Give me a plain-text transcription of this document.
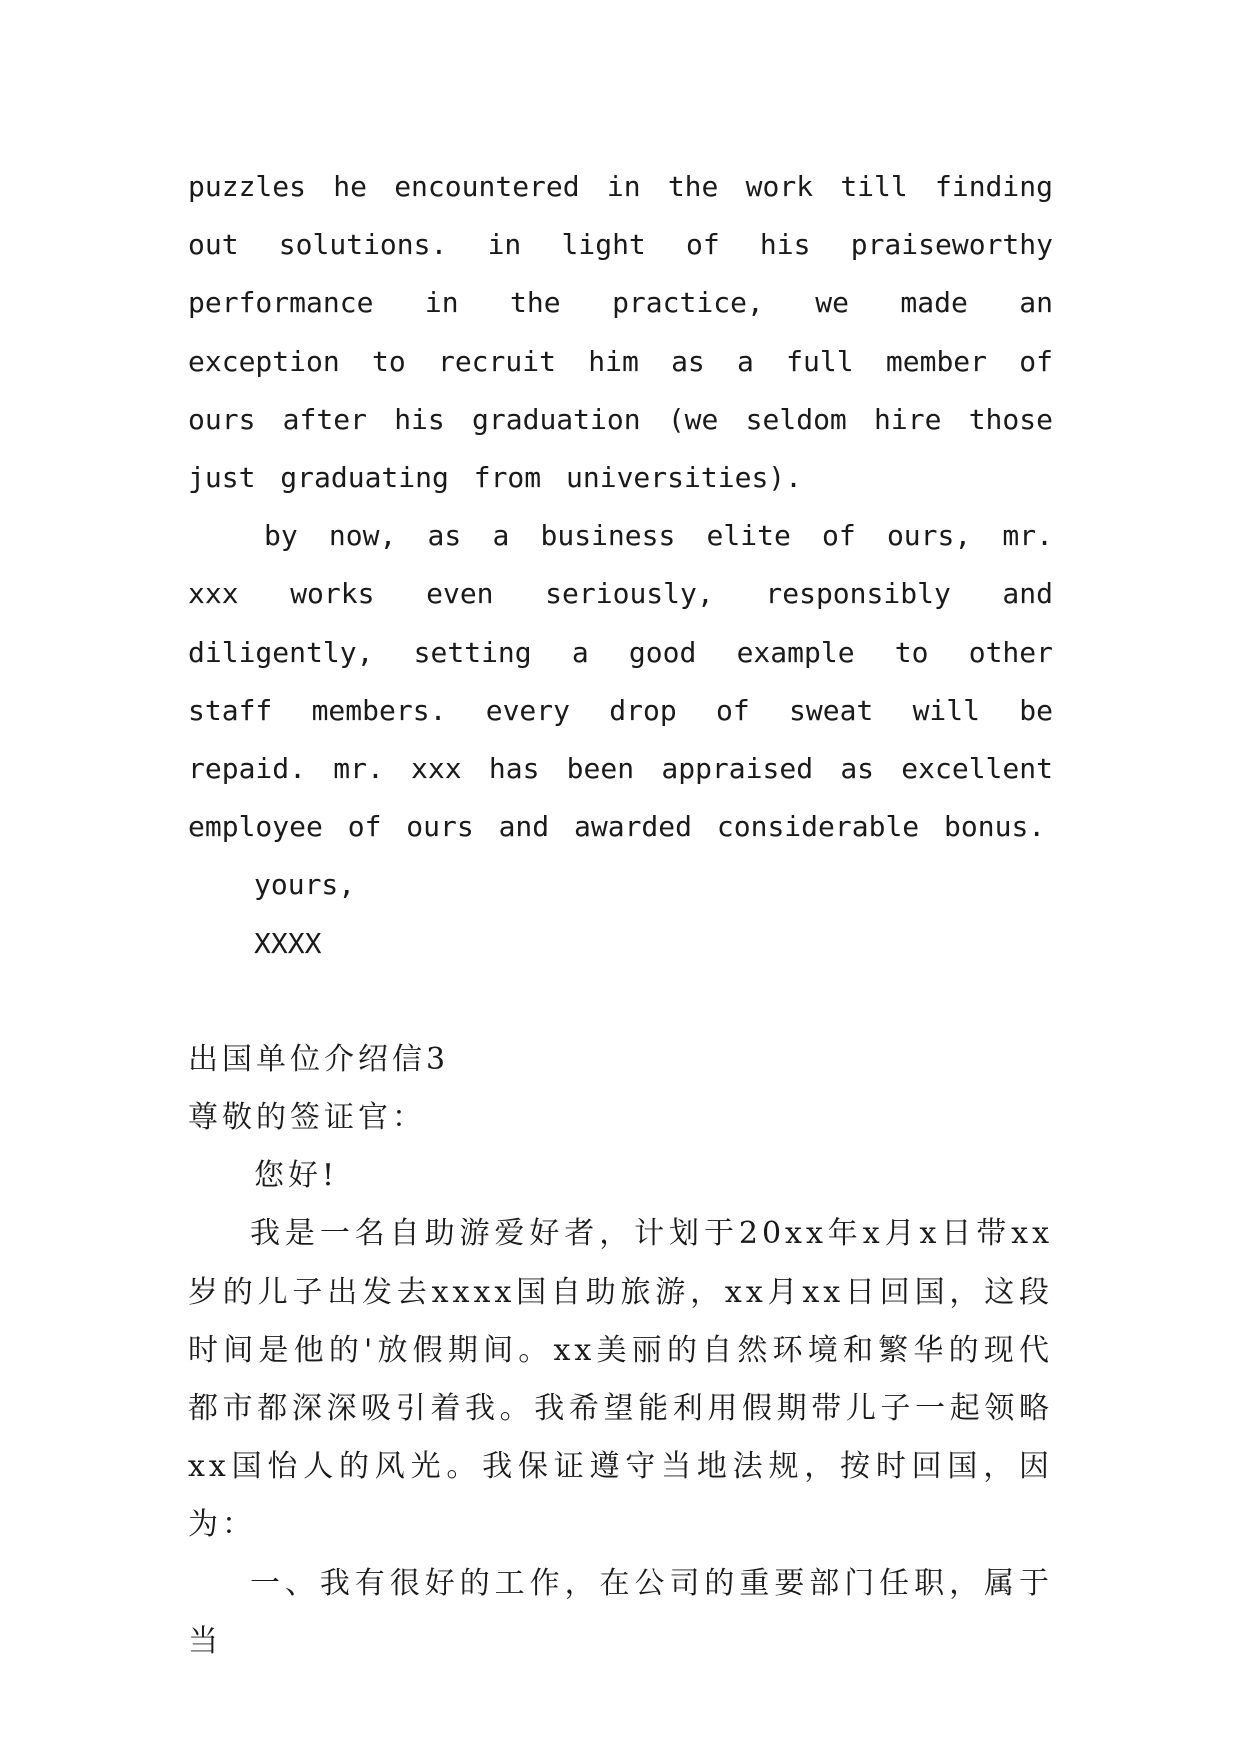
puzzles he encountered in the work till finding out solutions. in light of his praiseworthy performance in the practice, we made an exception to recruit him as a full member of ours after his graduation (we seldom hire those just graduating from universities).

by now, as a business elite of ours, mr. xxx works even seriously, responsibly and diligently, setting a good example to other staff members. every drop of sweat will be repaid. mr. xxx has been appraised as excellent employee of ours and awarded considerable bonus.

yours,

XXXX

出国单位介绍信3

尊敬的签证官：

您好!

我是一名自助游爱好者，计划于20xx年x月x日带xx岁的儿子出发去xxxx国自助旅游，xx月xx日回国，这段时间是他的'放假期间。xx美丽的自然环境和繁华的现代都市都深深吸引着我。我希望能利用假期带儿子一起领略xx国怡人的风光。我保证遵守当地法规，按时回国，因为：

一、我有很好的工作，在公司的重要部门任职，属于当
